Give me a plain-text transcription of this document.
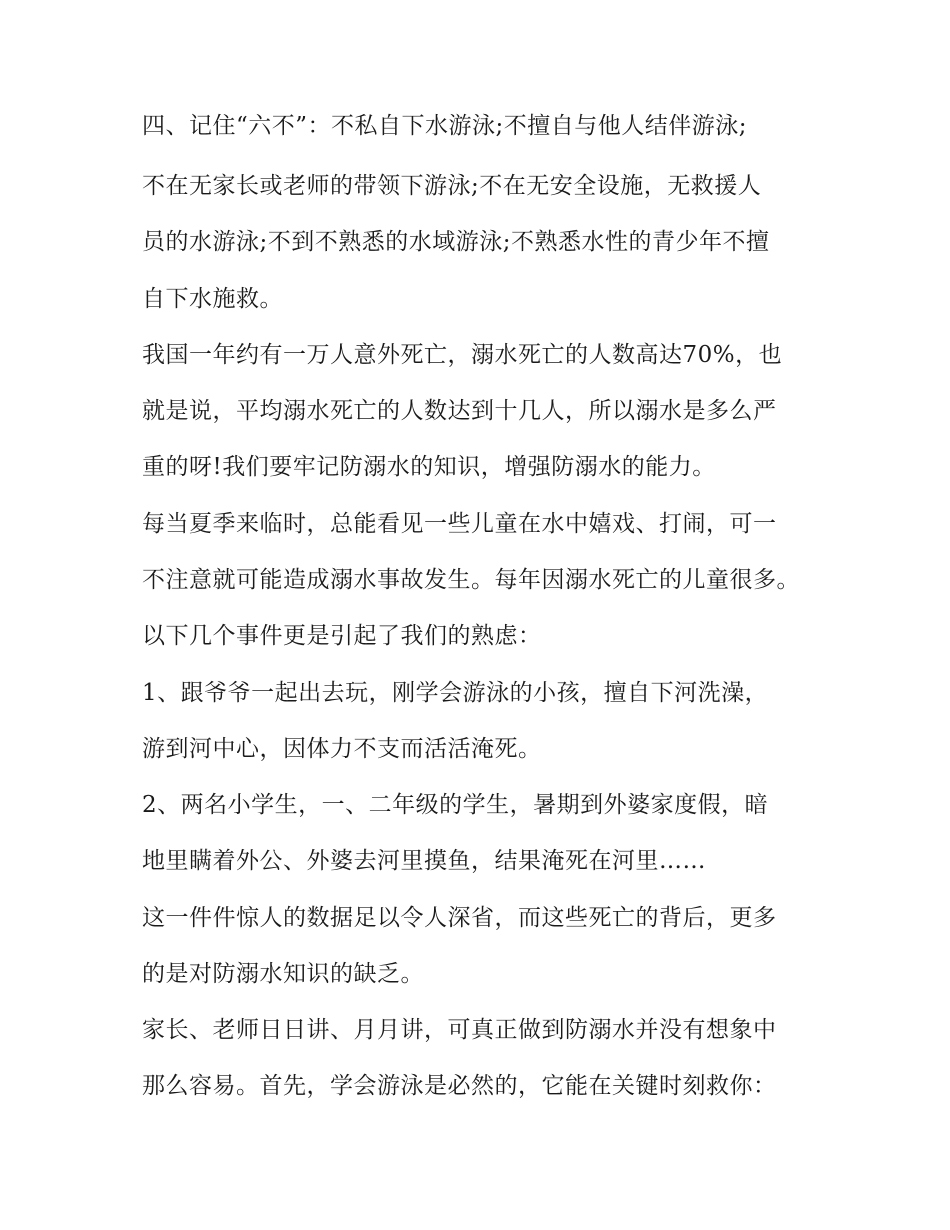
四、记住“六不”：不私自下水游泳;不擅自与他人结伴游泳;
不在无家长或老师的带领下游泳;不在无安全设施，无救援人
员的水游泳;不到不熟悉的水域游泳;不熟悉水性的青少年不擅
自下水施救。
我国一年约有一万人意外死亡，溺水死亡的人数高达70%，也
就是说，平均溺水死亡的人数达到十几人，所以溺水是多么严
重的呀!我们要牢记防溺水的知识，增强防溺水的能力。
每当夏季来临时，总能看见一些儿童在水中嬉戏、打闹，可一
不注意就可能造成溺水事故发生。每年因溺水死亡的儿童很多。
以下几个事件更是引起了我们的熟虑：
1、跟爷爷一起出去玩，刚学会游泳的小孩，擅自下河洗澡，
游到河中心，因体力不支而活活淹死。
2、两名小学生，一、二年级的学生，暑期到外婆家度假，暗
地里瞒着外公、外婆去河里摸鱼，结果淹死在河里……
这一件件惊人的数据足以令人深省，而这些死亡的背后，更多
的是对防溺水知识的缺乏。
家长、老师日日讲、月月讲，可真正做到防溺水并没有想象中
那么容易。首先，学会游泳是必然的，它能在关键时刻救你：
